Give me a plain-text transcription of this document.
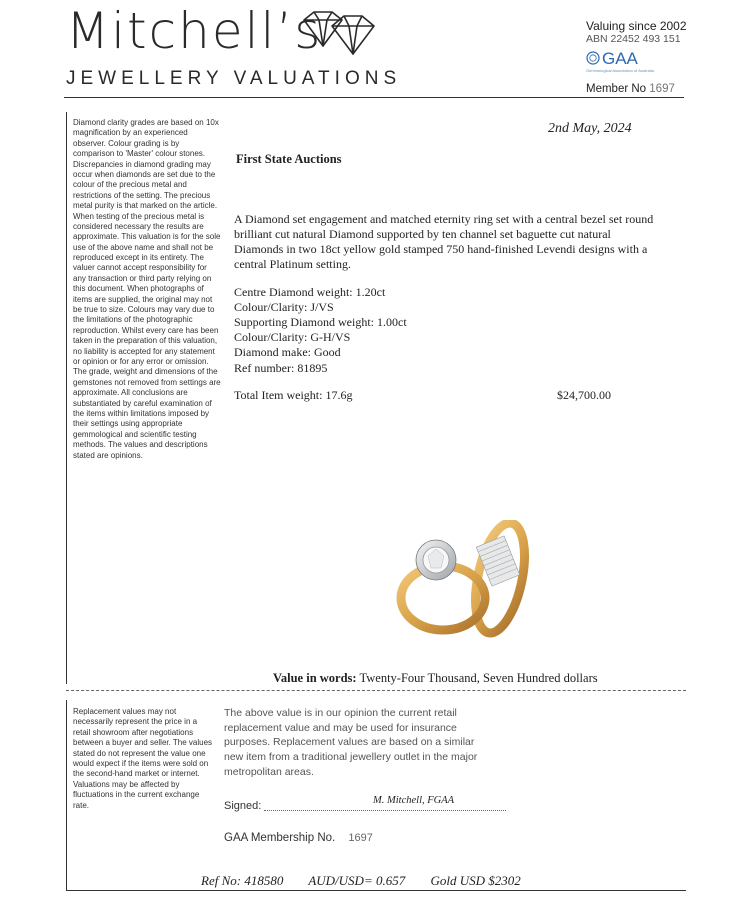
Mitchell’s
JEWELLERY VALUATIONS
Valuing since 2002
ABN 22452 493 151
GAA
Gemmological Association of Australia
Member No 1697
Diamond clarity grades are based on 10x magnification by an experienced observer. Colour grading is by comparison to 'Master' colour stones. Discrepancies in diamond grading may occur when diamonds are set due to the colour of the precious metal and restrictions of the setting. The precious metal purity is that marked on the article. When testing of the precious metal is considered necessary the results are approximate. This valuation is for the sole use of the above name and shall not be reproduced except in its entirety. The valuer cannot accept responsibility for any transaction or third party relying on this document. When photographs of items are supplied, the original may not be true to size. Colours may vary due to the limitations of the photographic reproduction. Whilst every care has been taken in the preparation of this valuation, no liability is accepted for any statement or opinion or for any error or omission. The grade, weight and dimensions of the gemstones not removed from settings are approximate. All conclusions are substantiated by careful examination of the items within limitations imposed by their settings using appropriate gemmological and scientific testing methods. The values and descriptions stated are opinions.
Replacement values may not necessarily represent the price in a retail showroom after negotiations between a buyer and seller. The values stated do not represent the value one would expect if the items were sold on the second-hand market or internet. Valuations may be affected by fluctuations in the current exchange rate.
2nd May, 2024
First State Auctions
A Diamond set engagement and matched eternity ring set with a central bezel set round brilliant cut natural Diamond supported by ten channel set baguette cut natural Diamonds in two 18ct yellow gold stamped 750 hand-finished Levendi designs with a central Platinum setting.
Centre Diamond weight: 1.20ct
Colour/Clarity: J/VS
Supporting Diamond weight: 1.00ct
Colour/Clarity: G-H/VS
Diamond make: Good
Ref number: 81895
Total Item weight: 17.6g	$24,700.00
Value in words: Twenty-Four Thousand, Seven Hundred dollars
The above value is in our opinion the current retail replacement value and may be used for insurance purposes. Replacement values are based on a similar new item from a traditional jewellery outlet in the major metropolitan areas.
Signed:	M. Mitchell, FGAA
GAA Membership No. 1697
Ref No: 418580 AUD/USD= 0.657 Gold USD $2302
